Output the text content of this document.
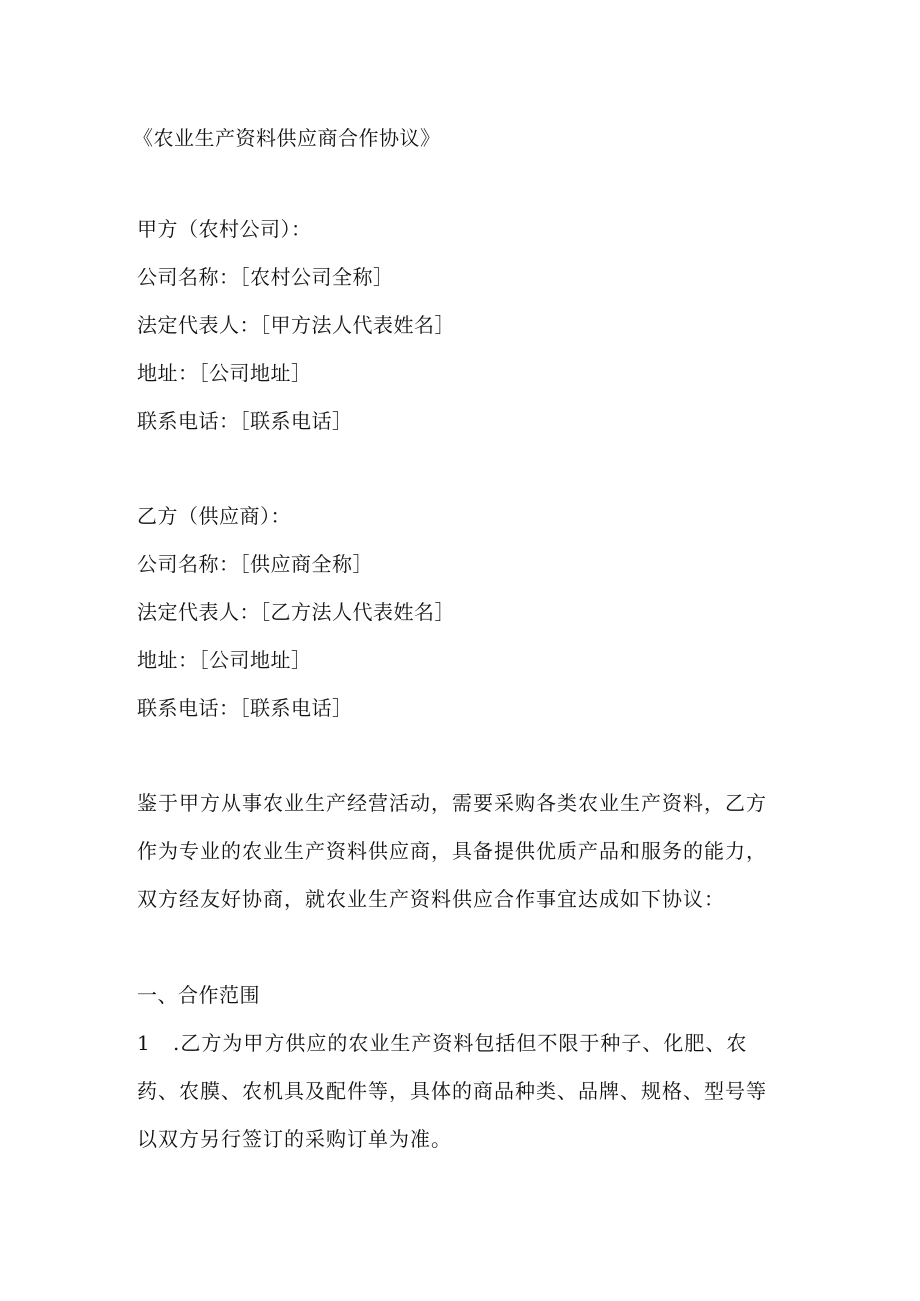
《农业生产资料供应商合作协议》
甲方（农村公司）：
公司名称：［农村公司全称］
法定代表人：［甲方法人代表姓名］
地址：［公司地址］
联系电话：［联系电话］
乙方（供应商）：
公司名称：［供应商全称］
法定代表人：［乙方法人代表姓名］
地址：［公司地址］
联系电话：［联系电话］
鉴于甲方从事农业生产经营活动，需要采购各类农业生产资料，乙方作为专业的农业生产资料供应商，具备提供优质产品和服务的能力，双方经友好协商，就农业生产资料供应合作事宜达成如下协议：
一、合作范围
1 .乙方为甲方供应的农业生产资料包括但不限于种子、化肥、农药、农膜、农机具及配件等，具体的商品种类、品牌、规格、型号等以双方另行签订的采购订单为准。
